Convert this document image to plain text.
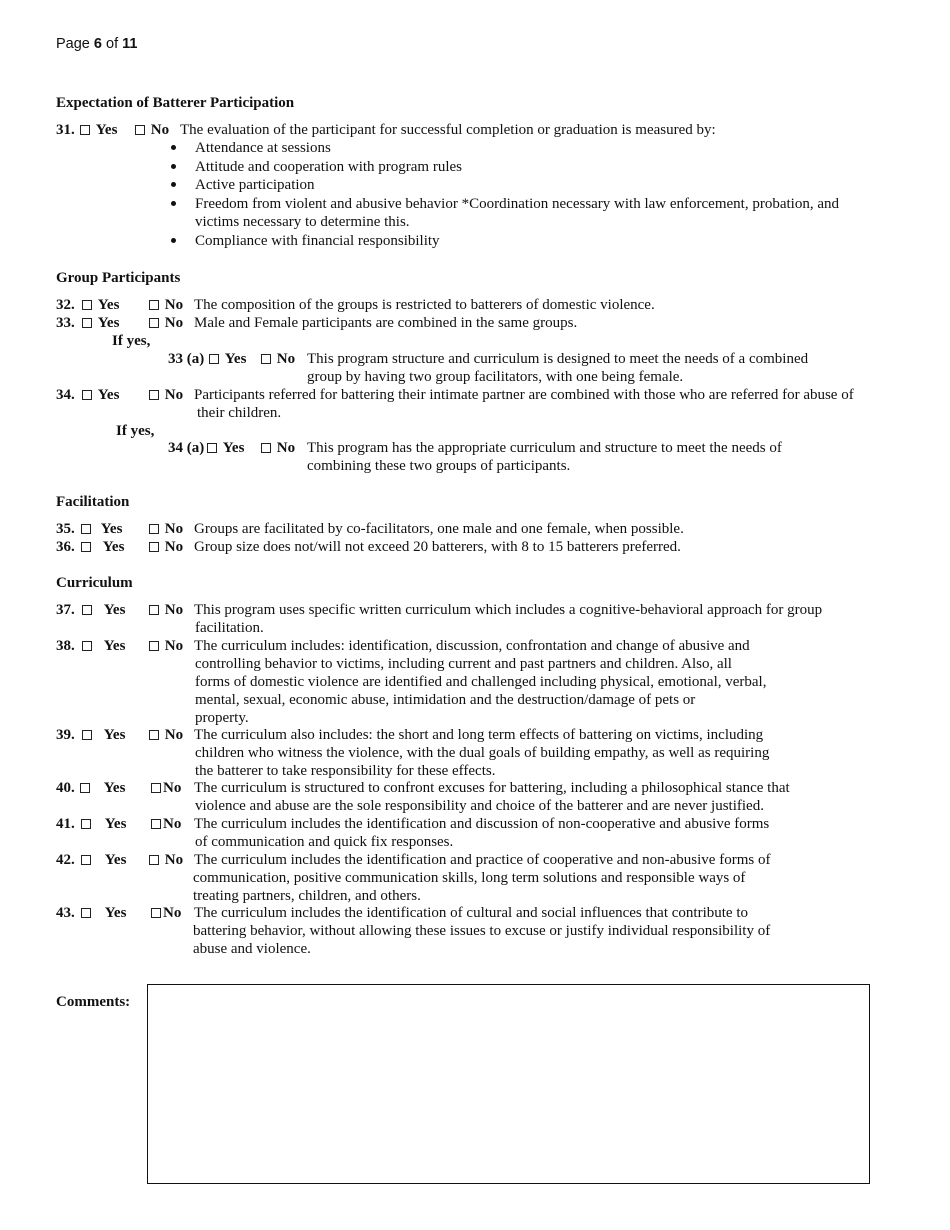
Page 6 of 11
Expectation of Batterer Participation
31.	Yes	No The evaluation of the participant for successful completion or graduation is measured by:
Attendance at sessions
Attitude and cooperation with program rules
Active participation
Freedom from violent and abusive behavior *Coordination necessary with law enforcement, probation, and
victims necessary to determine this.
Compliance with financial responsibility
Group Participants
32.	Yes	No The composition of the groups is restricted to batterers of domestic violence.
33.	Yes	No Male and Female participants are combined in the same groups.
If yes,
33 (a)	Yes	No This program structure and curriculum is designed to meet the needs of a combined
group by having two group facilitators, with one being female.
34.	Yes	No Participants referred for battering their intimate partner are combined with those who are referred for abuse of
their children.
If yes,
34 (a)	Yes	No This program has the appropriate curriculum and structure to meet the needs of
combining these two groups of participants.
Facilitation
35.	Yes	No Groups are facilitated by co-facilitators, one male and one female, when possible.
36.	Yes	No Group size does not/will not exceed 20 batterers, with 8 to 15 batterers preferred.
Curriculum
37.	Yes	No This program uses specific written curriculum which includes a cognitive-behavioral approach for group
facilitation.
38.	Yes	No The curriculum includes: identification, discussion, confrontation and change of abusive and
controlling behavior to victims, including current and past partners and children. Also, all
forms of domestic violence are identified and challenged including physical, emotional, verbal,
mental, sexual, economic abuse, intimidation and the destruction/damage of pets or
property.
39.	Yes	No The curriculum also includes: the short and long term effects of battering on victims, including
children who witness the violence, with the dual goals of building empathy, as well as requiring
the batterer to take responsibility for these effects.
40.	Yes	No The curriculum is structured to confront excuses for battering, including a philosophical stance that
violence and abuse are the sole responsibility and choice of the batterer and are never justified.
41.	Yes	No The curriculum includes the identification and discussion of non-cooperative and abusive forms
of communication and quick fix responses.
42.	Yes	No The curriculum includes the identification and practice of cooperative and non-abusive forms of
communication, positive communication skills, long term solutions and responsible ways of
treating partners, children, and others.
43.	Yes	No The curriculum includes the identification of cultural and social influences that contribute to
battering behavior, without allowing these issues to excuse or justify individual responsibility of
abuse and violence.
Comments:
